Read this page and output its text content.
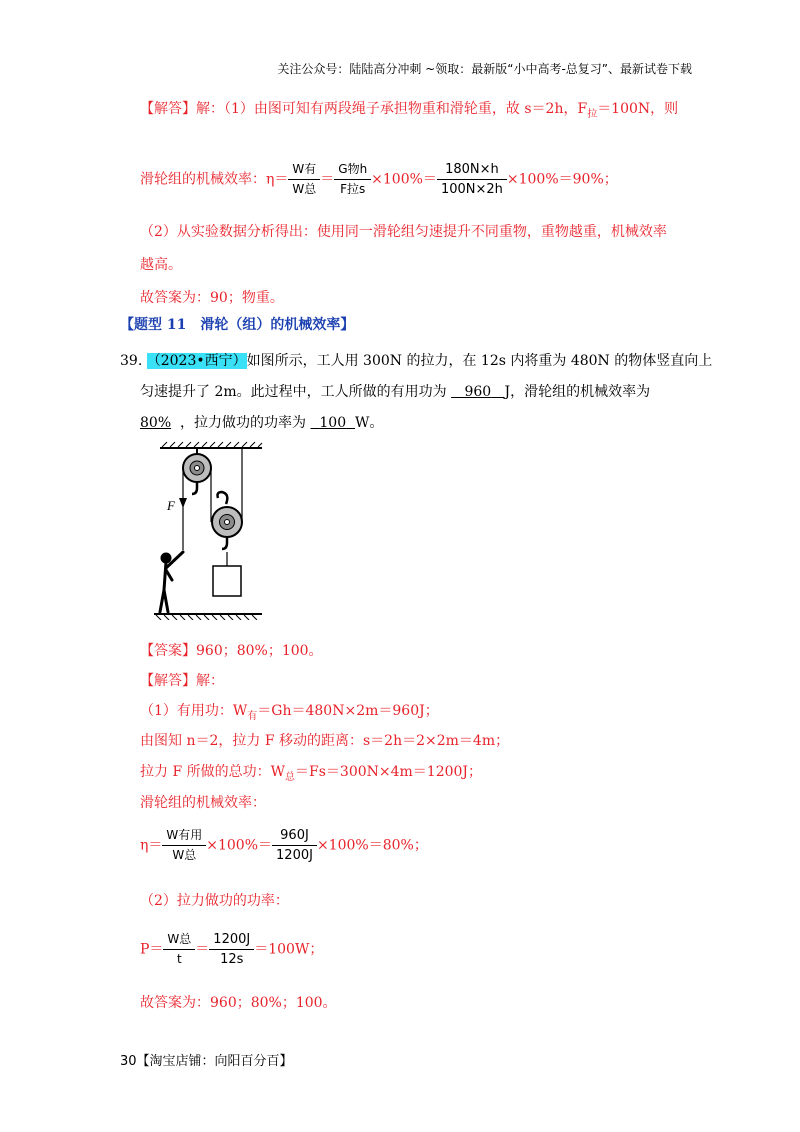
关注公众号：陆陆高分冲刺 ~领取：最新版“小中高考-总复习”、最新试卷下载
【解答】解：（1）由图可知有两段绳子承担物重和滑轮重，故 s＝2h，$F_拉=100N$，则
滑轮组的机械效率：$\eta= \frac{\text{W有}}{\text{W总}} = \frac{\text{G物h}}{\text{F拉s}} \times 100\%= \frac{180N\times h}{100N\times 2h} \times 100\%=90\%$；
（2）从实验数据分析得出：使用同一滑轮组匀速提升不同重物，重物越重，机械效率
越高。
故答案为：90；物重。
【题型 11　滑轮（组）的机械效率】
39. （2023•西宁）如图所示，工人用 300N 的拉力，在 12s 内将重为 480N 的物体竖直向上
匀速提升了 2m。此过程中，工人所做的有用功为 960 J，滑轮组的机械效率为
80% ，拉力做功的功率为 100 W。
F
【答案】960；80%；100。
【解答】解：
（1）有用功：$W_有=Gh=480N\times 2m=960J$；
由图知 n＝2，拉力 F 移动的距离：s＝2h＝2×2m＝4m；
拉力 F 所做的总功：$W_总=Fs=300N\times 4m=1200J$；
滑轮组的机械效率：
$\eta= \frac{\text{W有用}}{\text{W总}} \times 100\%= \frac{960J}{1200J} \times 100\%=80\%$；
（2）拉力做功的功率：
$P= \frac{\text{W总}}{t} = \frac{1200J}{12s} =100W$；
故答案为：960；80%；100。
30【淘宝店铺：向阳百分百】
